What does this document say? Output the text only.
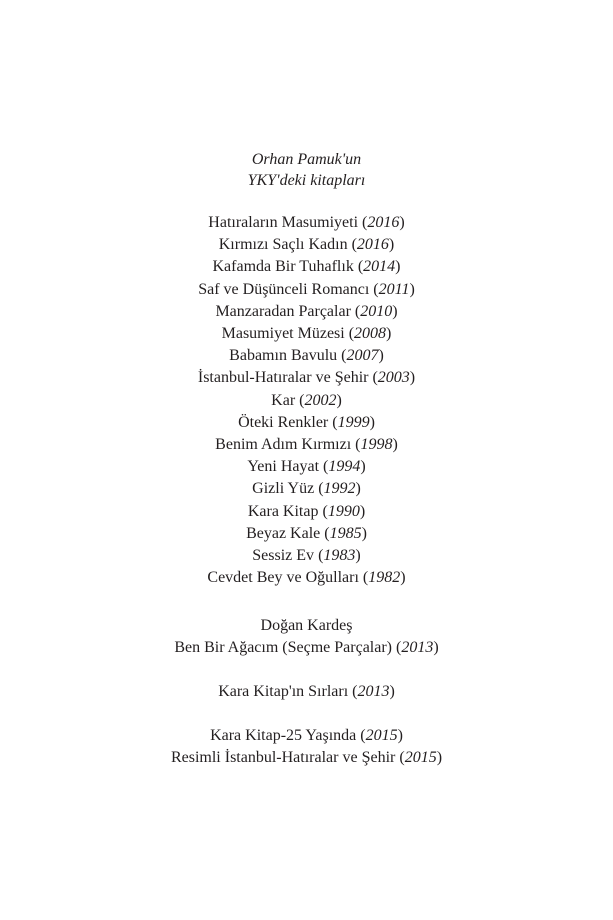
Orhan Pamuk'un
YKY'deki kitapları
Hatıraların Masumiyeti (2016)
Kırmızı Saçlı Kadın (2016)
Kafamda Bir Tuhaflık (2014)
Saf ve Düşünceli Romancı (2011)
Manzaradan Parçalar (2010)
Masumiyet Müzesi (2008)
Babamın Bavulu (2007)
İstanbul-Hatıralar ve Şehir (2003)
Kar (2002)
Öteki Renkler (1999)
Benim Adım Kırmızı (1998)
Yeni Hayat (1994)
Gizli Yüz (1992)
Kara Kitap (1990)
Beyaz Kale (1985)
Sessiz Ev (1983)
Cevdet Bey ve Oğulları (1982)
Doğan Kardeş
Ben Bir Ağacım (Seçme Parçalar) (2013)
Kara Kitap'ın Sırları (2013)
Kara Kitap-25 Yaşında (2015)
Resimli İstanbul-Hatıralar ve Şehir (2015)
